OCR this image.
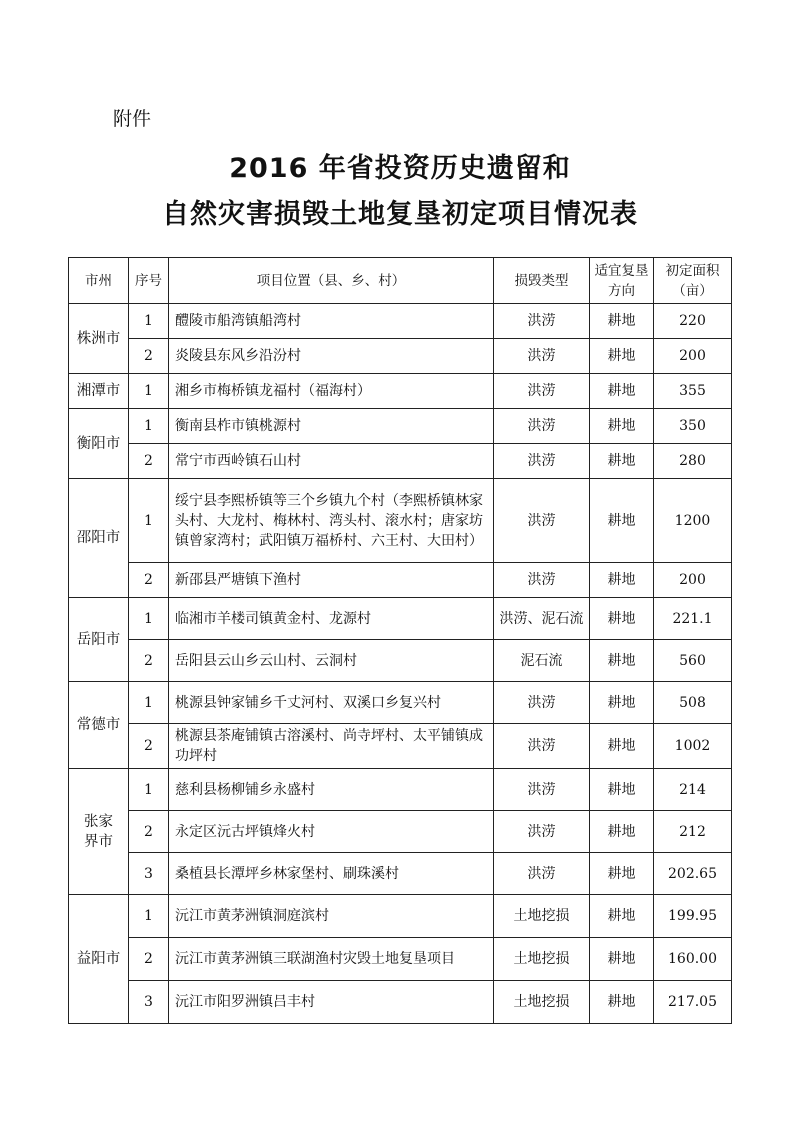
附件
2016 年省投资历史遗留和
自然灾害损毁土地复垦初定项目情况表
市州	序号	项目位置（县、乡、村）	损毁类型	适宜复垦方向	初定面积（亩）
株洲市	1	醴陵市船湾镇船湾村	洪涝	耕地	220
	2	炎陵县东风乡沿汾村	洪涝	耕地	200
湘潭市	1	湘乡市梅桥镇龙福村（福海村）	洪涝	耕地	355
衡阳市	1	衡南县柞市镇桃源村	洪涝	耕地	350
	2	常宁市西岭镇石山村	洪涝	耕地	280
邵阳市	1	绥宁县李熙桥镇等三个乡镇九个村（李熙桥镇林家头村、大龙村、梅林村、湾头村、滚水村；唐家坊镇曾家湾村；武阳镇万福桥村、六王村、大田村）	洪涝	耕地	1200
	2	新邵县严塘镇下渔村	洪涝	耕地	200
岳阳市	1	临湘市羊楼司镇黄金村、龙源村	洪涝、泥石流	耕地	221.1
	2	岳阳县云山乡云山村、云洞村	泥石流	耕地	560
常德市	1	桃源县钟家铺乡千丈河村、双溪口乡复兴村	洪涝	耕地	508
	2	桃源县茶庵铺镇古溶溪村、尚寺坪村、太平铺镇成功坪村	洪涝	耕地	1002
张家界市	1	慈利县杨柳铺乡永盛村	洪涝	耕地	214
	2	永定区沅古坪镇烽火村	洪涝	耕地	212
	3	桑植县长潭坪乡林家堡村、刷珠溪村	洪涝	耕地	202.65
益阳市	1	沅江市黄茅洲镇洞庭滨村	土地挖损	耕地	199.95
	2	沅江市黄茅洲镇三联湖渔村灾毁土地复垦项目	土地挖损	耕地	160.00
	3	沅江市阳罗洲镇吕丰村	土地挖损	耕地	217.05
